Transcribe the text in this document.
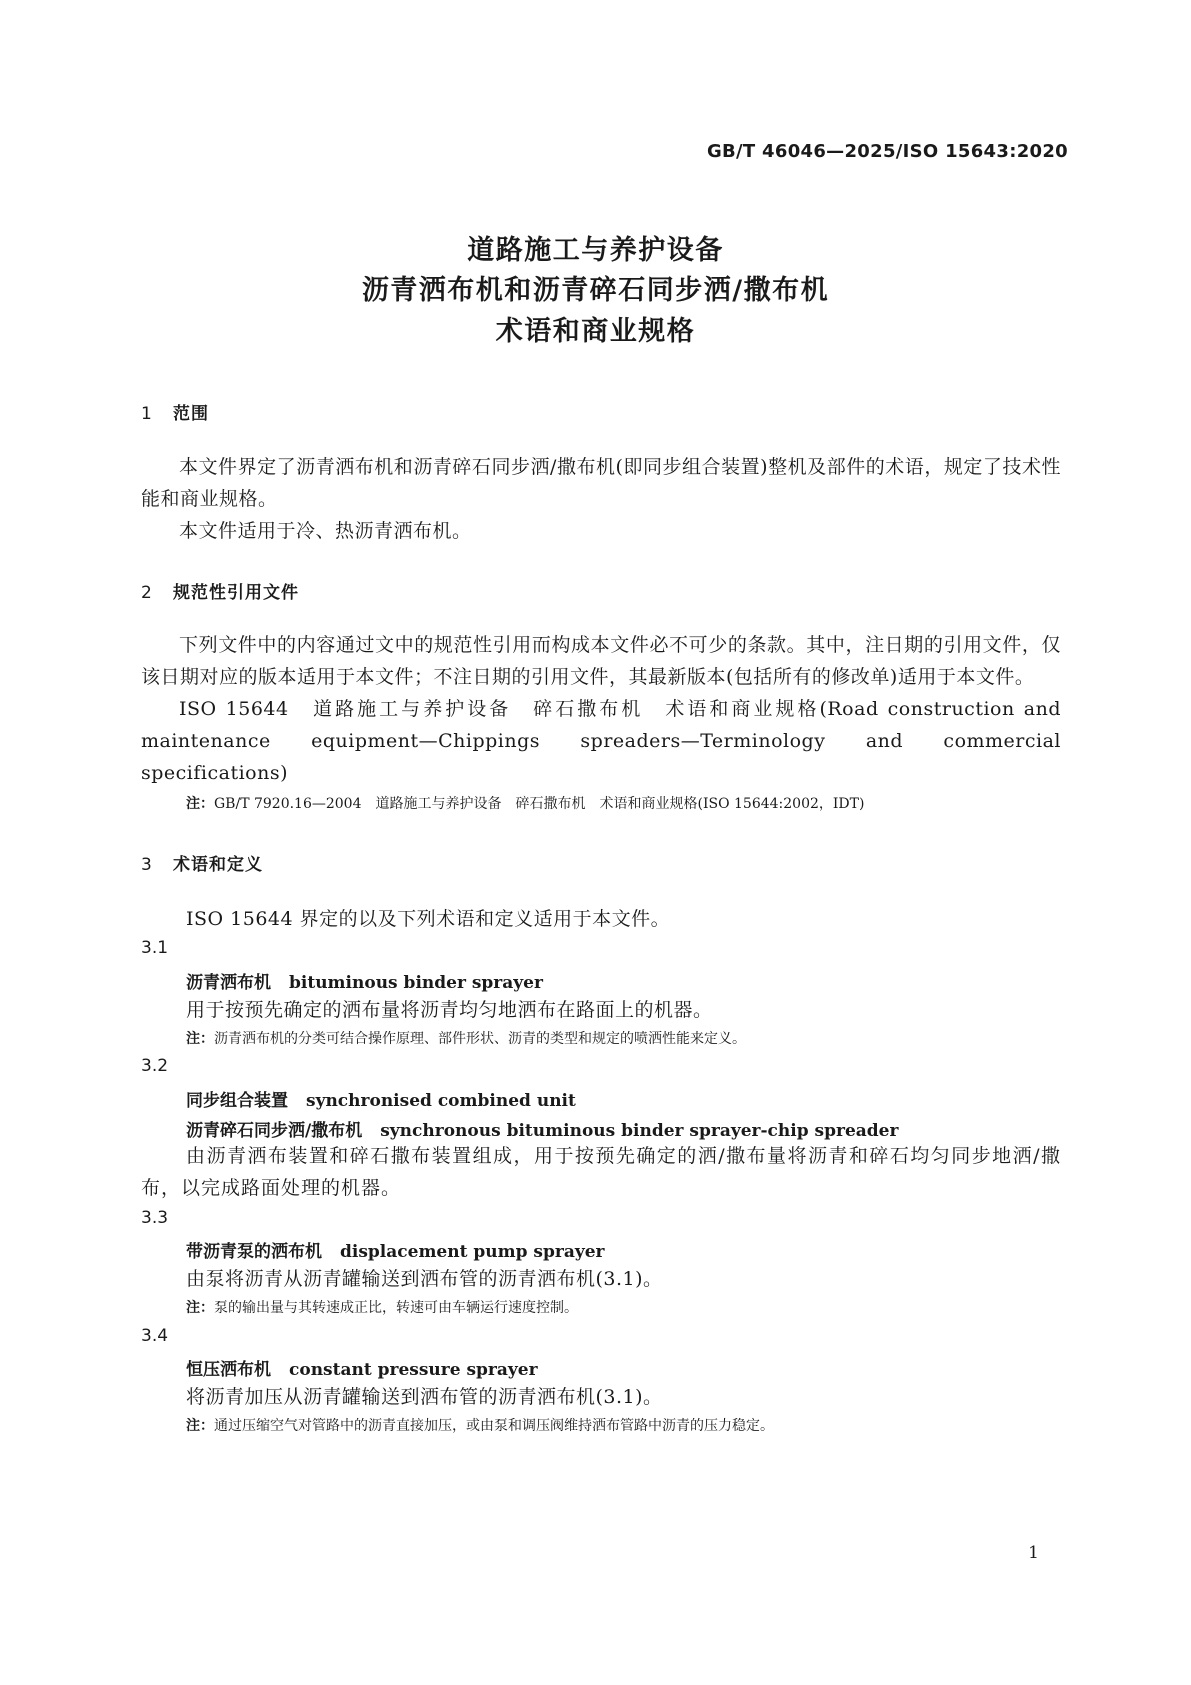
GB/T 46046—2025/ISO 15643:2020
道路施工与养护设备
沥青洒布机和沥青碎石同步洒/撒布机
术语和商业规格
1 范围

本文件界定了沥青洒布机和沥青碎石同步洒/撒布机(即同步组合装置)整机及部件的术语，规定了技术性能和商业规格。

本文件适用于冷、热沥青洒布机。

2 规范性引用文件

下列文件中的内容通过文中的规范性引用而构成本文件必不可少的条款。其中，注日期的引用文件，仅该日期对应的版本适用于本文件；不注日期的引用文件，其最新版本(包括所有的修改单)适用于本文件。

ISO 15644　道路施工与养护设备　碎石撒布机　术语和商业规格(Road construction and maintenance equipment—Chippings spreaders—Terminology and commercial specifications)

注：GB/T 7920.16—2004　道路施工与养护设备　碎石撒布机　术语和商业规格(ISO 15644:2002，IDT)
3 术语和定义
ISO 15644 界定的以及下列术语和定义适用于本文件。
3.1
沥青洒布机 bituminous binder sprayer
用于按预先确定的洒布量将沥青均匀地洒布在路面上的机器。
注：沥青洒布机的分类可结合操作原理、部件形状、沥青的类型和规定的喷洒性能来定义。
3.2
同步组合装置 synchronised combined unit
沥青碎石同步洒/撒布机 synchronous bituminous binder sprayer-chip spreader

由沥青洒布装置和碎石撒布装置组成，用于按预先确定的洒/撒布量将沥青和碎石均匀同步地洒/撒布，以完成路面处理的机器。

3.3
带沥青泵的洒布机 displacement pump sprayer
由泵将沥青从沥青罐输送到洒布管的沥青洒布机(3.1)。
注：泵的输出量与其转速成正比，转速可由车辆运行速度控制。
3.4
恒压洒布机 constant pressure sprayer
将沥青加压从沥青罐输送到洒布管的沥青洒布机(3.1)。
注：通过压缩空气对管路中的沥青直接加压，或由泵和调压阀维持洒布管路中沥青的压力稳定。
1
